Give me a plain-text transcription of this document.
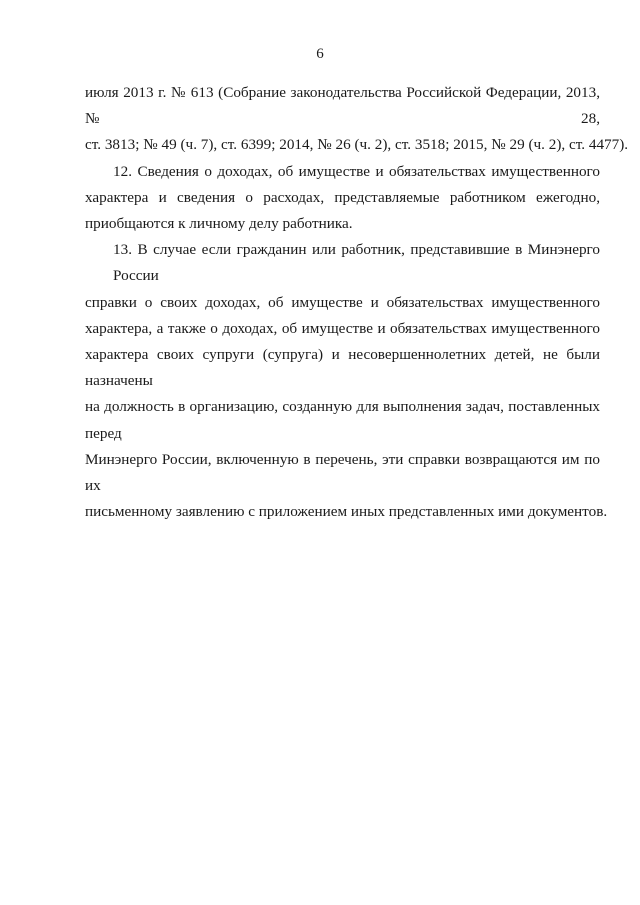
6
июля 2013 г. № 613 (Собрание законодательства Российской Федерации, 2013, № 28,
ст. 3813; № 49 (ч. 7), ст. 6399; 2014, № 26 (ч. 2), ст. 3518; 2015, № 29 (ч. 2), ст. 4477).
12. Сведения о доходах, об имуществе и обязательствах имущественного
характера и сведения о расходах, представляемые работником ежегодно,
приобщаются к личному делу работника.
13. В случае если гражданин или работник, представившие в Минэнерго России
справки о своих доходах, об имуществе и обязательствах имущественного
характера, а также о доходах, об имуществе и обязательствах имущественного
характера своих супруги (супруга) и несовершеннолетних детей, не были назначены
на должность в организацию, созданную для выполнения задач, поставленных перед
Минэнерго России, включенную в перечень, эти справки возвращаются им по их
письменному заявлению с приложением иных представленных ими документов.
